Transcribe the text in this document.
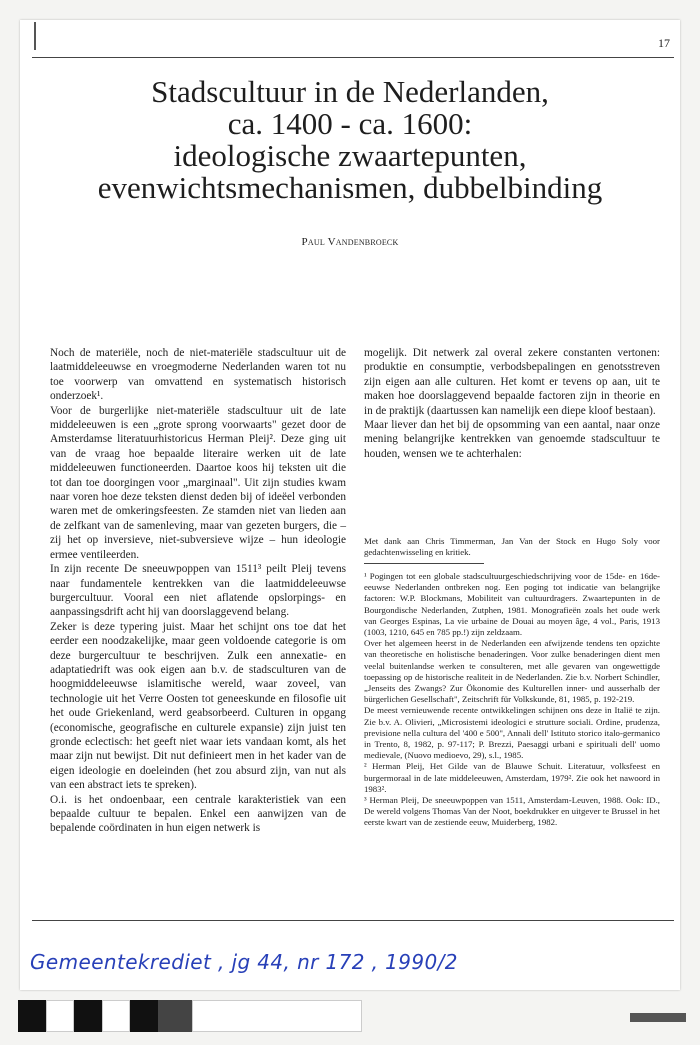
17
Stadscultuur in de Nederlanden,
ca. 1400 - ca. 1600:
ideologische zwaartepunten,
evenwichtsmechanismen, dubbelbinding
Paul Vandenbroeck

Noch de materiële, noch de niet-materiële stadscultuur uit de laatmiddeleeuwse en vroegmoderne Nederlanden waren tot nu toe voorwerp van omvattend en systematisch historisch onderzoek¹.

Voor de burgerlijke niet-materiële stadscultuur uit de late middeleeuwen is een „grote sprong voorwaarts" gezet door de Amsterdamse literatuurhistoricus Herman Pleij². Deze ging uit van de vraag hoe bepaalde literaire werken uit de late middeleeuwen functioneerden. Daartoe koos hij teksten uit die tot dan toe doorgingen voor „marginaal". Uit zijn studies kwam naar voren hoe deze teksten dienst deden bij of ideëel verbonden waren met de omkeringsfeesten. Ze stamden niet van lieden aan de zelfkant van de samenleving, maar van gezeten burgers, die – zij het op inversieve, niet-subversieve wijze – hun ideologie ermee ventileerden.

In zijn recente De sneeuwpoppen van 1511³ peilt Pleij tevens naar fundamentele kentrekken van die laatmiddeleeuwse burgercultuur. Vooral een niet aflatende opslorpings- en aanpassingsdrift acht hij van doorslaggevend belang.

Zeker is deze typering juist. Maar het schijnt ons toe dat het eerder een noodzakelijke, maar geen voldoende categorie is om deze burgercultuur te beschrijven. Zulk een annexatie- en adaptatiedrift was ook eigen aan b.v. de stadsculturen van de hoogmiddeleeuwse islamitische wereld, waar zoveel, van technologie uit het Verre Oosten tot geneeskunde en filosofie uit het oude Griekenland, werd geabsorbeerd. Culturen in opgang (economische, geografische en culturele expansie) zijn juist ten gronde eclectisch: het geeft niet waar iets vandaan komt, als het maar zijn nut bewijst. Dit nut definieert men in het kader van de eigen ideologie en doeleinden (het zou absurd zijn, van nut als van een abstract iets te spreken).

O.i. is het ondoenbaar, een centrale karakteristiek van een bepaalde cultuur te bepalen. Enkel een aanwijzen van de bepalende coördinaten in hun eigen netwerk is

mogelijk. Dit netwerk zal overal zekere constanten vertonen: produktie en consumptie, verbodsbepalingen en genotsstreven zijn eigen aan alle culturen. Het komt er tevens op aan, uit te maken hoe doorslaggevend bepaalde factoren zijn in theorie en in de praktijk (daartussen kan namelijk een diepe kloof bestaan).

Maar liever dan het bij de opsomming van een aantal, naar onze mening belangrijke kentrekken van genoemde stadscultuur te houden, wensen we te achterhalen:

Met dank aan Chris Timmerman, Jan Van der Stock en Hugo Soly voor gedachtenwisseling en kritiek.

¹ Pogingen tot een globale stadscultuurgeschiedschrijving voor de 15de- en 16de-eeuwse Nederlanden ontbreken nog. Een poging tot indicatie van belangrijke factoren: W.P. Blockmans, Mobiliteit van cultuurdragers. Zwaartepunten in de Bourgondische Nederlanden, Zutphen, 1981. Monografieën zoals het oude werk van Georges Espinas, La vie urbaine de Douai au moyen âge, 4 vol., Paris, 1913 (1003, 1210, 645 en 785 pp.!) zijn zeldzaam.

Over het algemeen heerst in de Nederlanden een afwijzende tendens ten opzichte van theoretische en holistische benaderingen. Voor zulke benaderingen dient men veelal buitenlandse werken te consulteren, met alle gevaren van ongewettigde toepassing op de historische realiteit in de Nederlanden. Zie b.v. Norbert Schindler, „Jenseits des Zwangs? Zur Ökonomie des Kulturellen inner- und ausserhalb der bürgerlichen Gesellschaft", Zeitschrift für Volkskunde, 81, 1985, p. 192-219.

De meest vernieuwende recente ontwikkelingen schijnen ons deze in Italië te zijn. Zie b.v. A. Olivieri, „Microsistemi ideologici e strutture sociali. Ordine, prudenza, previsione nella cultura del '400 e 500", Annali dell' Istituto storico italo-germanico in Trento, 8, 1982, p. 97-117; P. Brezzi, Paesaggi urbani e spirituali dell' uomo medievale, (Nuovo medioevo, 29), s.l., 1985.

² Herman Pleij, Het Gilde van de Blauwe Schuit. Literatuur, volksfeest en burgermoraal in de late middeleeuwen, Amsterdam, 1979². Zie ook het nawoord in 1983².

³ Herman Pleij, De sneeuwpoppen van 1511, Amsterdam-Leuven, 1988. Ook: ID., De wereld volgens Thomas Van der Noot, boekdrukker en uitgever te Brussel in het eerste kwart van de zestiende eeuw, Muiderberg, 1982.

Gemeentekrediet , jg 44, nr 172 , 1990/2
